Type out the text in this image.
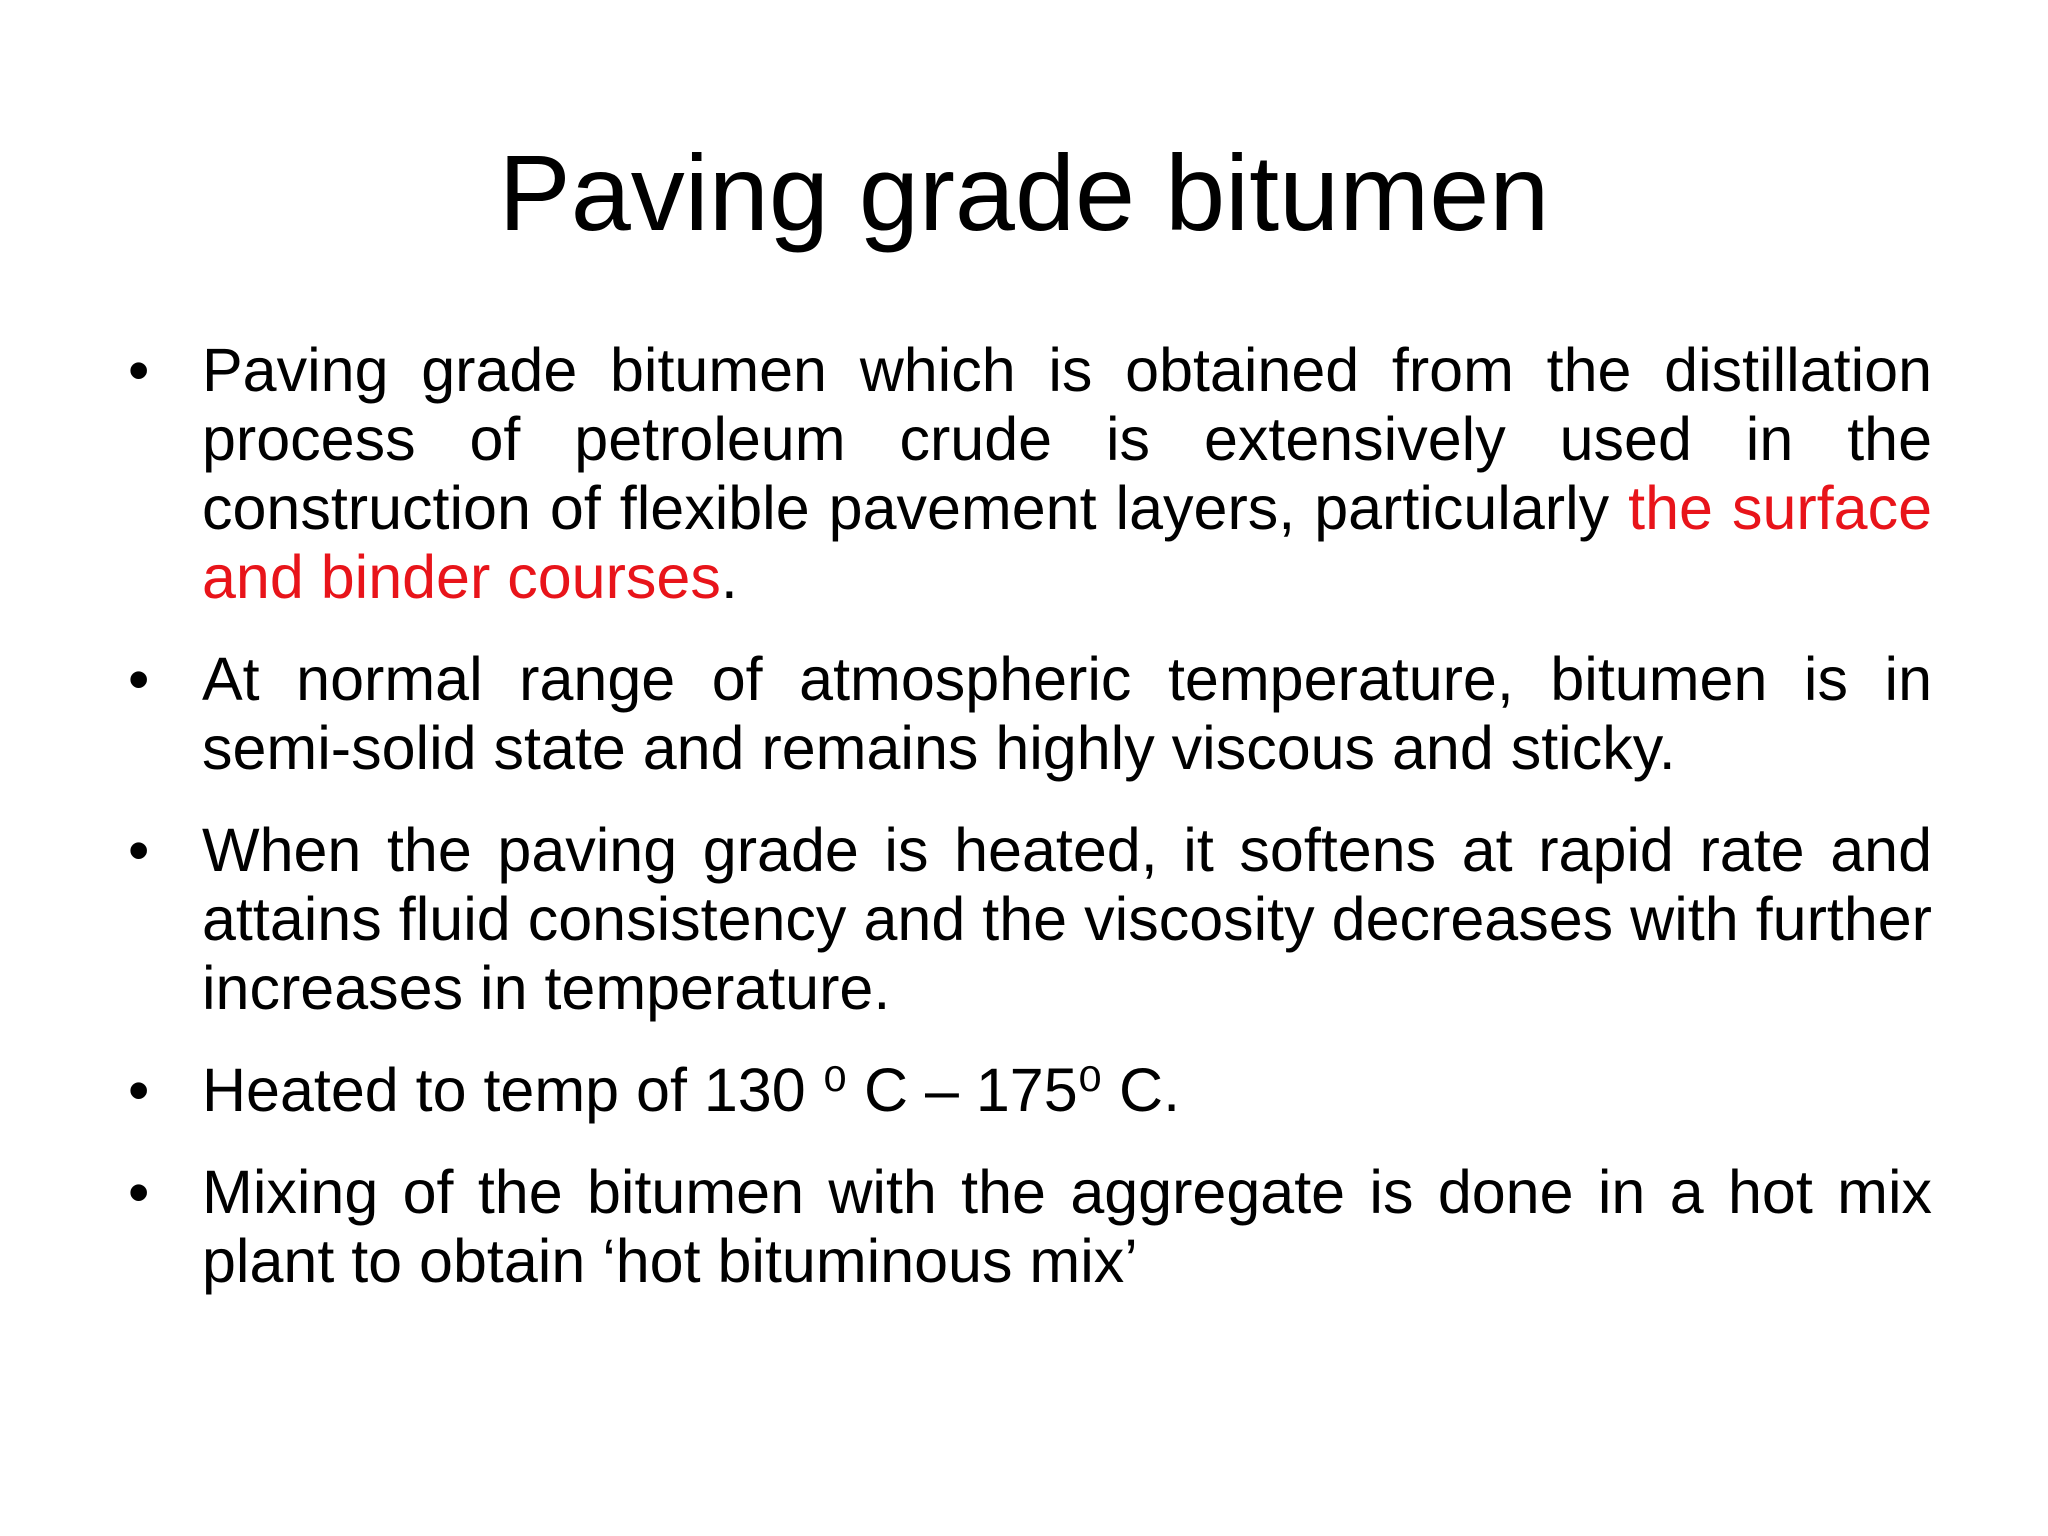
Paving grade bitumen
• Paving grade bitumen which is obtained from the distillation process of petroleum crude is extensively used in the construction of flexible pavement layers, particularly the surface and binder courses.
• At normal range of atmospheric temperature, bitumen is in semi-solid state and remains highly viscous and sticky.
• When the paving grade is heated, it softens at rapid rate and attains fluid consistency and the viscosity decreases with further increases in temperature.
• Heated to temp of 130 ⁰ C – 175⁰ C.
• Mixing of the bitumen with the aggregate is done in a hot mix plant to obtain ‘hot bituminous mix’
